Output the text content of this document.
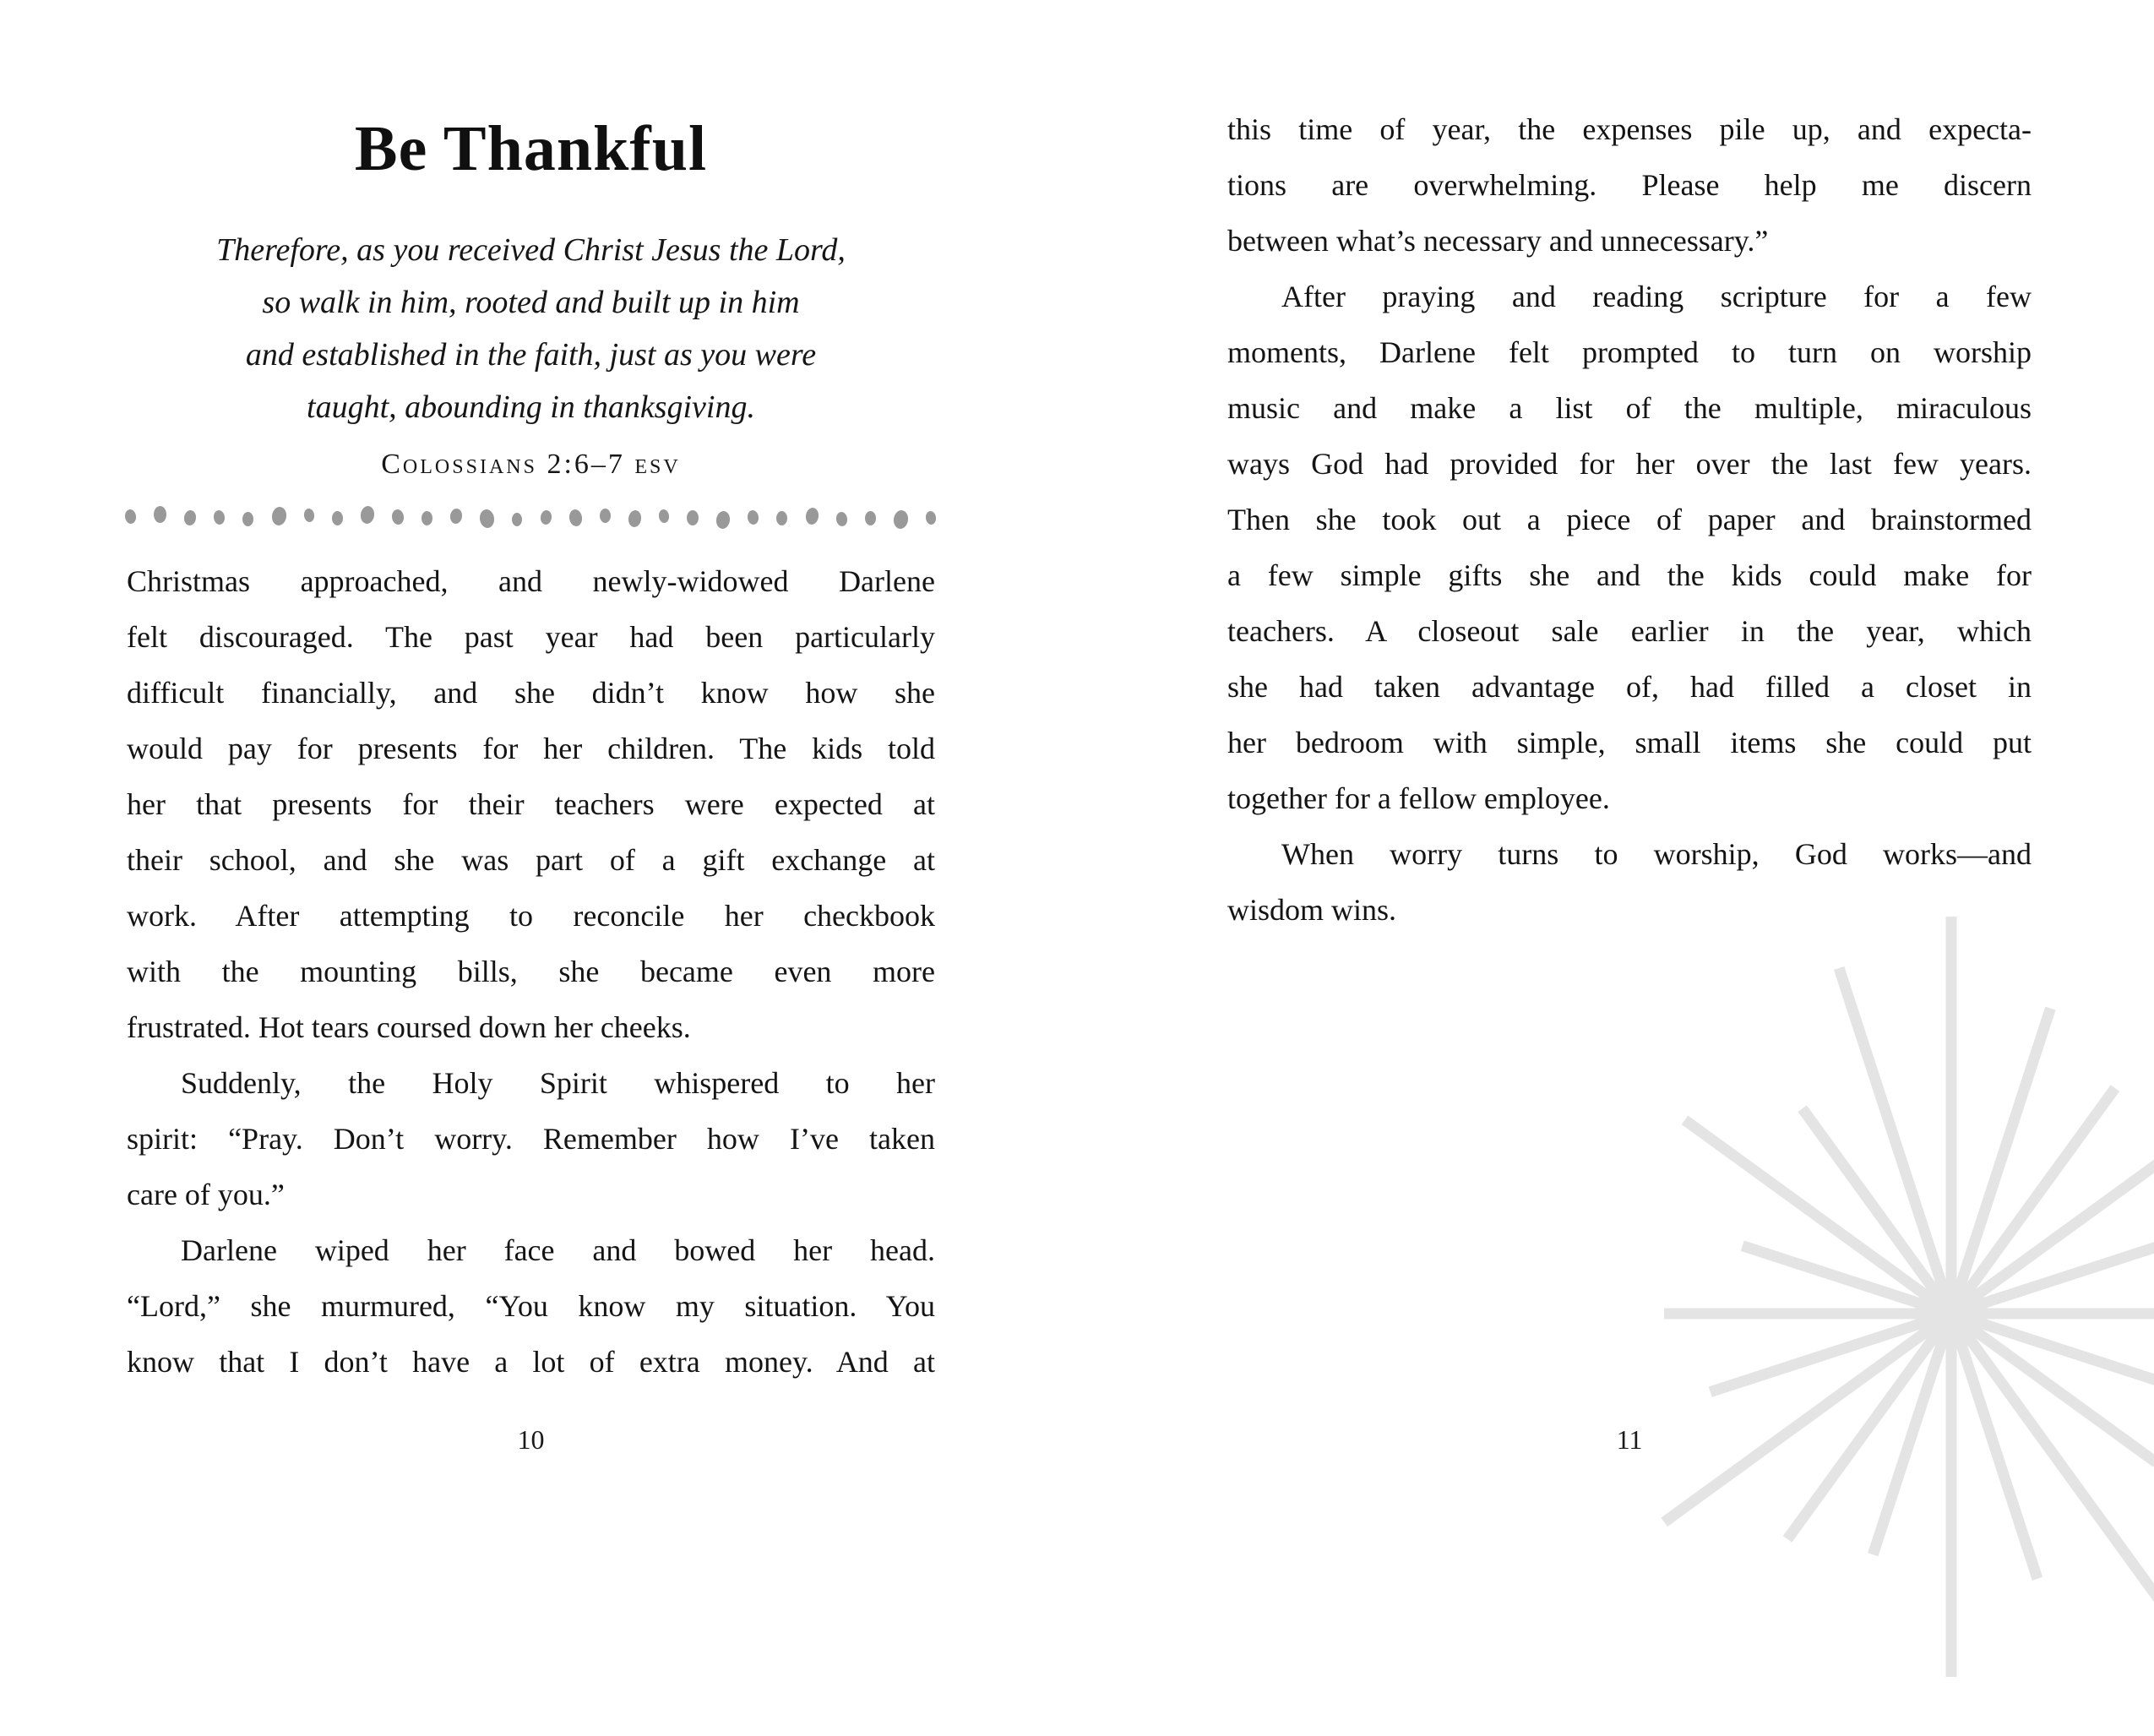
Be Thankful
Therefore, as you received Christ Jesus the Lord,
so walk in him, rooted and built up in him
and established in the faith, just as you were
taught, abounding in thanksgiving.
Colossians 2:6–7 esv
Christmas approached, and newly-widowed Darlene
felt discouraged. The past year had been particularly
difficult financially, and she didn’t know how she
would pay for presents for her children. The kids told
her that presents for their teachers were expected at
their school, and she was part of a gift exchange at
work. After attempting to reconcile her checkbook
with the mounting bills, she became even more
frustrated. Hot tears coursed down her cheeks.
Suddenly, the Holy Spirit whispered to her
spirit: “Pray. Don’t worry. Remember how I’ve taken
care of you.”
Darlene wiped her face and bowed her head.
“Lord,” she murmured, “You know my situation. You
know that I don’t have a lot of extra money. And at
10
this time of year, the expenses pile up, and expecta-
tions are overwhelming. Please help me discern
between what’s necessary and unnecessary.”
After praying and reading scripture for a few
moments, Darlene felt prompted to turn on worship
music and make a list of the multiple, miraculous
ways God had provided for her over the last few years.
Then she took out a piece of paper and brainstormed
a few simple gifts she and the kids could make for
teachers. A closeout sale earlier in the year, which
she had taken advantage of, had filled a closet in
her bedroom with simple, small items she could put
together for a fellow employee.
When worry turns to worship, God works—and
wisdom wins.
11
